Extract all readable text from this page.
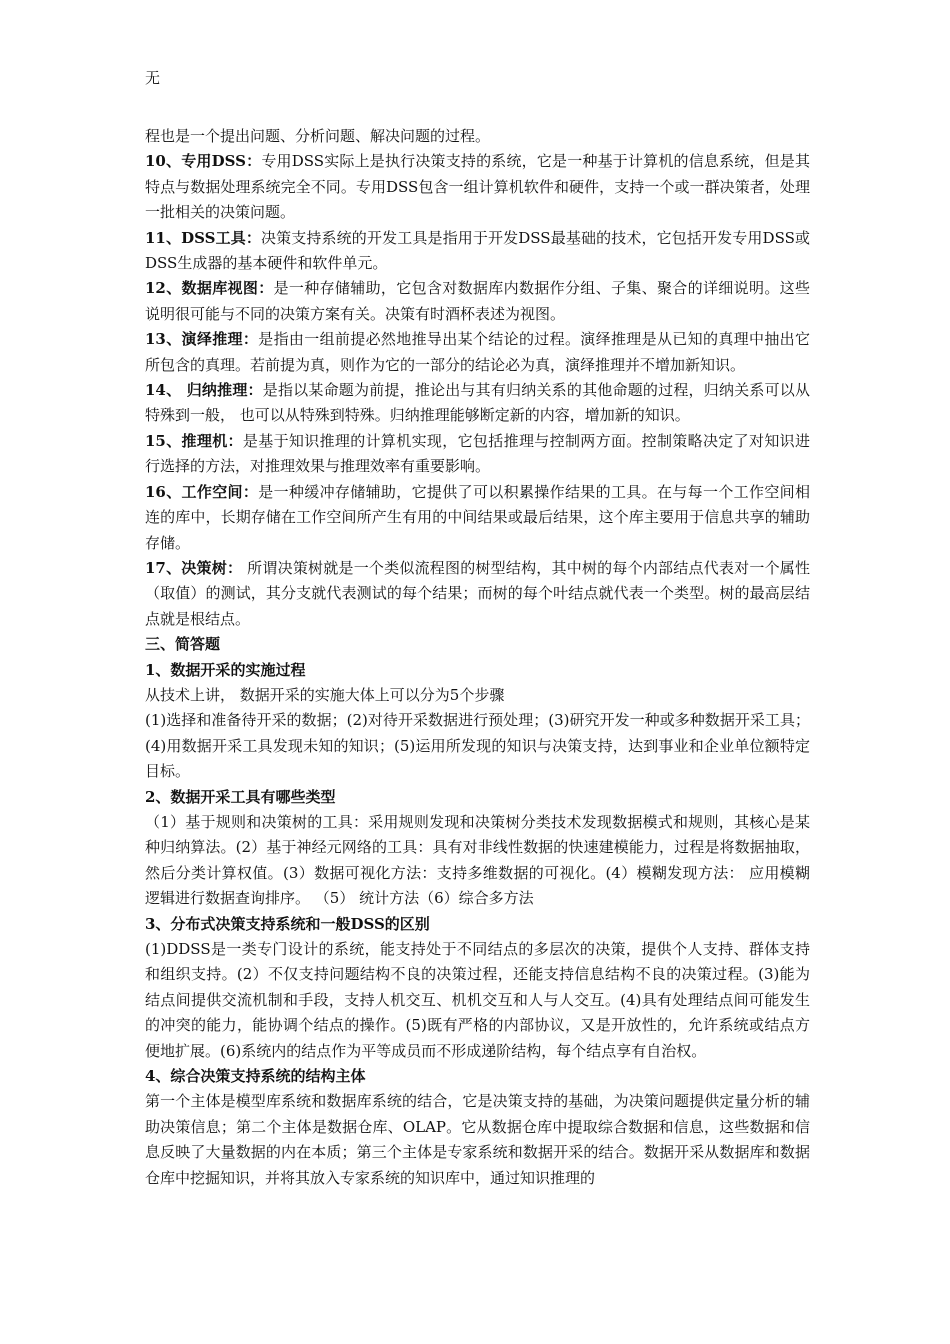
无

程也是一个提出问题、分析问题、解决问题的过程。

10、专用DSS：专用DSS实际上是执行决策支持的系统，它是一种基于计算机的信息系统，但是其特点与数据处理系统完全不同。专用DSS包含一组计算机软件和硬件，支持一个或一群决策者，处理一批相关的决策问题。

11、DSS工具：决策支持系统的开发工具是指用于开发DSS最基础的技术，它包括开发专用DSS或DSS生成器的基本硬件和软件单元。

12、数据库视图：是一种存储辅助，它包含对数据库内数据作分组、子集、聚合的详细说明。这些说明很可能与不同的决策方案有关。决策有时酒杯表述为视图。

13、演绎推理：是指由一组前提必然地推导出某个结论的过程。演绎推理是从已知的真理中抽出它所包含的真理。若前提为真，则作为它的一部分的结论必为真，演绎推理并不增加新知识。

14、 归纳推理：是指以某命题为前提，推论出与其有归纳关系的其他命题的过程，归纳关系可以从特殊到一般， 也可以从特殊到特殊。归纳推理能够断定新的内容，增加新的知识。

15、推理机：是基于知识推理的计算机实现，它包括推理与控制两方面。控制策略决定了对知识进行选择的方法，对推理效果与推理效率有重要影响。

16、工作空间：是一种缓冲存储辅助，它提供了可以积累操作结果的工具。在与每一个工作空间相连的库中，长期存储在工作空间所产生有用的中间结果或最后结果，这个库主要用于信息共享的辅助存储。

17、决策树： 所谓决策树就是一个类似流程图的树型结构，其中树的每个内部结点代表对一个属性（取值）的测试，其分支就代表测试的每个结果；而树的每个叶结点就代表一个类型。树的最高层结点就是根结点。

三、简答题

1、数据开采的实施过程

从技术上讲， 数据开采的实施大体上可以分为5个步骤

(1)选择和准备待开采的数据；(2)对待开采数据进行预处理；(3)研究开发一种或多种数据开采工具；(4)用数据开采工具发现未知的知识；(5)运用所发现的知识与决策支持，达到事业和企业单位额特定目标。

2、数据开采工具有哪些类型

（1）基于规则和决策树的工具：采用规则发现和决策树分类技术发现数据模式和规则，其核心是某种归纳算法。(2）基于神经元网络的工具：具有对非线性数据的快速建模能力，过程是将数据抽取，然后分类计算权值。(3）数据可视化方法：支持多维数据的可视化。(4）模糊发现方法： 应用模糊逻辑进行数据查询排序。 （5） 统计方法（6）综合多方法

3、分布式决策支持系统和一般DSS的区别

(1)DDSS是一类专门设计的系统，能支持处于不同结点的多层次的决策，提供个人支持、群体支持和组织支持。(2）不仅支持问题结构不良的决策过程，还能支持信息结构不良的决策过程。(3)能为结点间提供交流机制和手段，支持人机交互、机机交互和人与人交互。(4)具有处理结点间可能发生的冲突的能力，能协调个结点的操作。(5)既有严格的内部协议，又是开放性的，允许系统或结点方便地扩展。(6)系统内的结点作为平等成员而不形成递阶结构，每个结点享有自治权。

4、综合决策支持系统的结构主体

第一个主体是模型库系统和数据库系统的结合，它是决策支持的基础，为决策问题提供定量分析的辅助决策信息；第二个主体是数据仓库、OLAP。它从数据仓库中提取综合数据和信息，这些数据和信息反映了大量数据的内在本质；第三个主体是专家系统和数据开采的结合。数据开采从数据库和数据仓库中挖掘知识，并将其放入专家系统的知识库中，通过知识推理的
